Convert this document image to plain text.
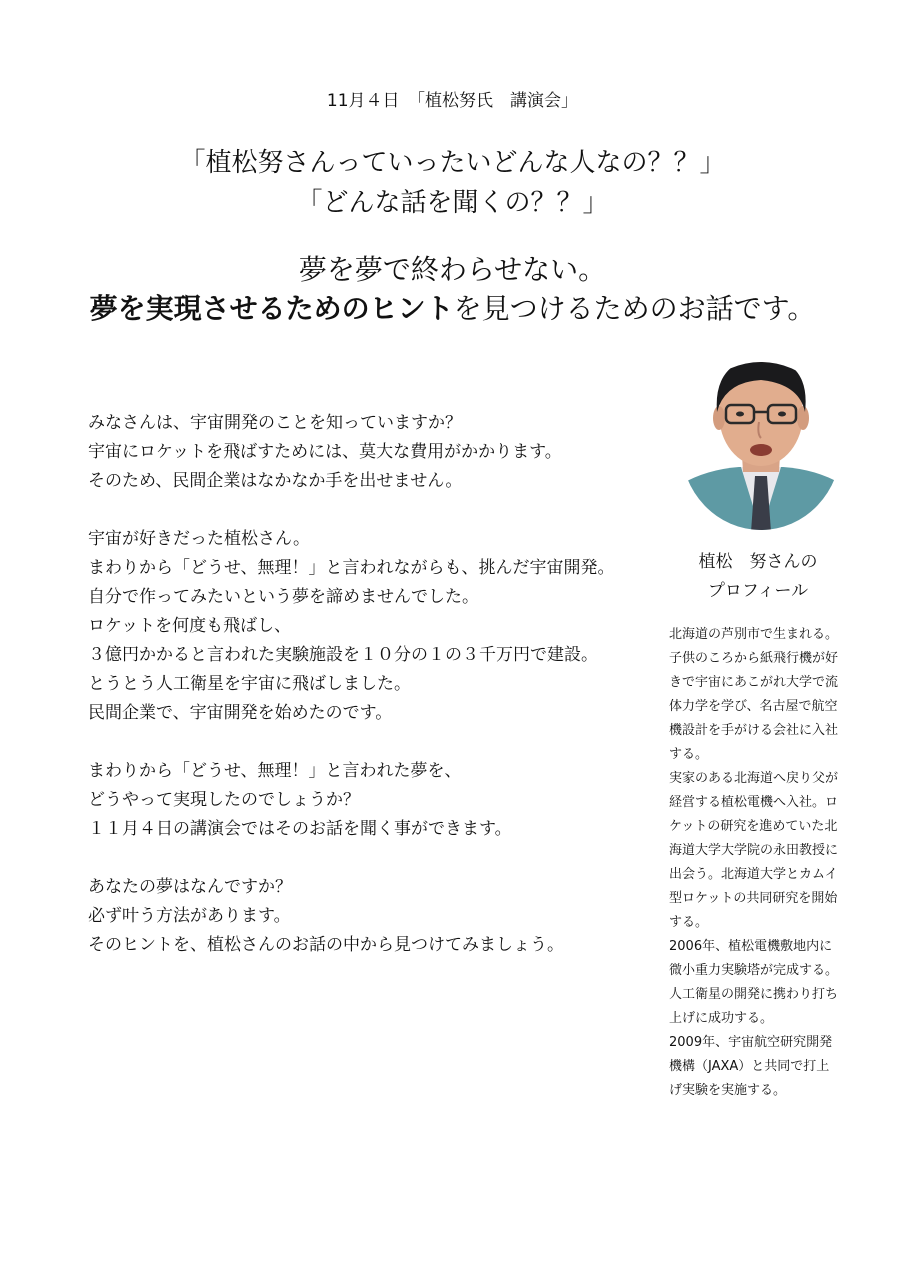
11月４日　「植松努氏　講演会」
「植松努さんっていったいどんな人なの？？」
「どんな話を聞くの？？」
夢を夢で終わらせない。
夢を実現させるためのヒントを見つけるためのお話です。

みなさんは、宇宙開発のことを知っていますか？
宇宙にロケットを飛ばすためには、莫大な費用がかかります。
そのため、民間企業はなかなか手を出せません。

宇宙が好きだった植松さん。
まわりから「どうせ、無理！」と言われながらも、挑んだ宇宙開発。
自分で作ってみたいという夢を諦めませんでした。
ロケットを何度も飛ばし、
３億円かかると言われた実験施設を１０分の１の３千万円で建設。
とうとう人工衛星を宇宙に飛ばしました。
民間企業で、宇宙開発を始めたのです。

まわりから「どうせ、無理！」と言われた夢を、
どうやって実現したのでしょうか？
１１月４日の講演会ではそのお話を聞く事ができます。

あなたの夢はなんですか？
必ず叶う方法があります。
そのヒントを、植松さんのお話の中から見つけてみましょう。

植松　努さんの
プロフィール
北海道の芦別市で生まれる。
子供のころから紙飛行機が好
きで宇宙にあこがれ大学で流
体力学を学び、名古屋で航空
機設計を手がける会社に入社
する。
実家のある北海道へ戻り父が
経営する植松電機へ入社。ロ
ケットの研究を進めていた北
海道大学大学院の永田教授に
出会う。北海道大学とカムイ
型ロケットの共同研究を開始
する。
2006年、植松電機敷地内に
微小重力実験塔が完成する。
人工衛星の開発に携わり打ち
上げに成功する。
2009年、宇宙航空研究開発
機構（JAXA）と共同で打上
げ実験を実施する。
